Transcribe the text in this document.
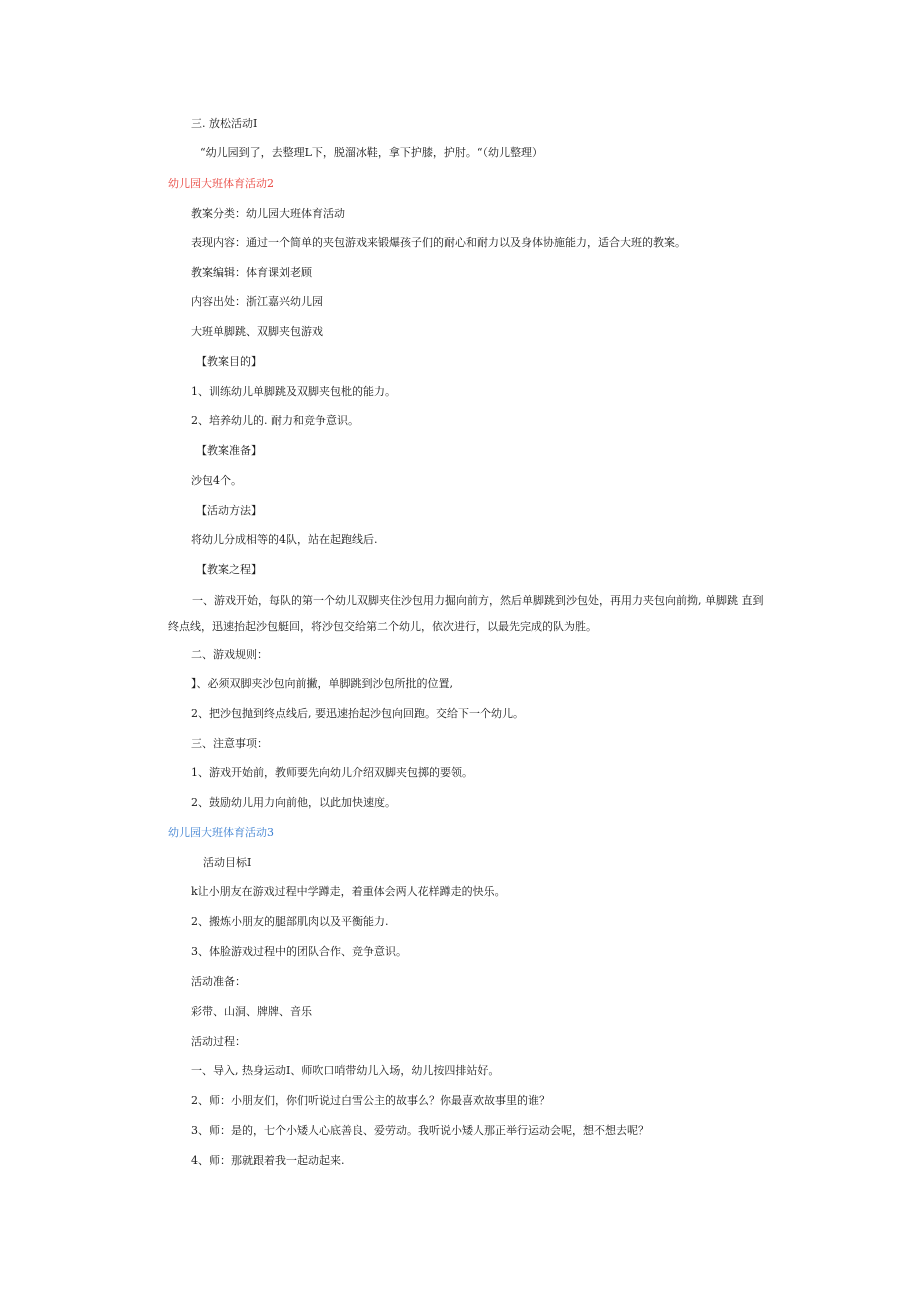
三. 放松活动I
“幼儿园到了，去整理L下，脱溜冰鞋，拿下护膝，护肘。“（幼儿整理）
幼儿园大班体育活动2
教案分类：幼儿园大班体育活动
表现内容：通过一个简单的夹包游戏来锻爆孩子们的耐心和耐力以及身体协施能力，适合大班的教案。
教案编辑：体育课刘老顾
内容出处：浙江嘉兴幼儿园
大班单脚跳、双脚夹包游戏
【教案目的】
1、训练幼儿单脚跳及双脚夹包枇的能力。
2、培养幼儿的. 耐力和竞争意识。
【教案准备】
沙包4个。
【活动方法】
将幼儿分成相等的4队，站在起跑线后.
【教案之程】
一、游戏开始，每队的第一个幼儿双脚夹住沙包用力掘向前方，然后单脚跳到沙包处，再用力夹包向前拗, 单脚跳 直到终点线，迅速抬起沙包艇回，将沙包交给第二个幼儿，依次进行，以最先完成的队为胜。
二、游戏规则：
】、必须双脚夹沙包向前撇，单脚跳到沙包所批的位置,
2、把沙包抛到终点线后, 要迅速抬起沙包向回跑。交给下一个幼儿。
三、注意事项：
1、游戏开始前，教师要先向幼儿介绍双脚夹包掷的要领。
2、鼓励幼儿用力向前他，以此加快速度。
幼儿园大班体育活动3
活动目标I
k让小朋友在游戏过程中学蹲走，着重体会两人花样蹲走的快乐。
2、搬炼小朋友的腿部肌肉以及平衡能力.
3、体脸游戏过程中的团队合作、竞争意识。
活动准备：
彩带、山洞、牌牌、音乐
活动过程：
一、导入, 热身运动I、师吹口哨带幼儿入场，幼儿按四排站好。
2、师：小朋友们，你们听说过白雪公主的故事么？你最喜欢故事里的谁？
3、师：是的，七个小矮人心底善良、爱劳动。我听说小矮人那正举行运动会呢，想不想去呢？
4、师：那就跟着我一起动起来.
